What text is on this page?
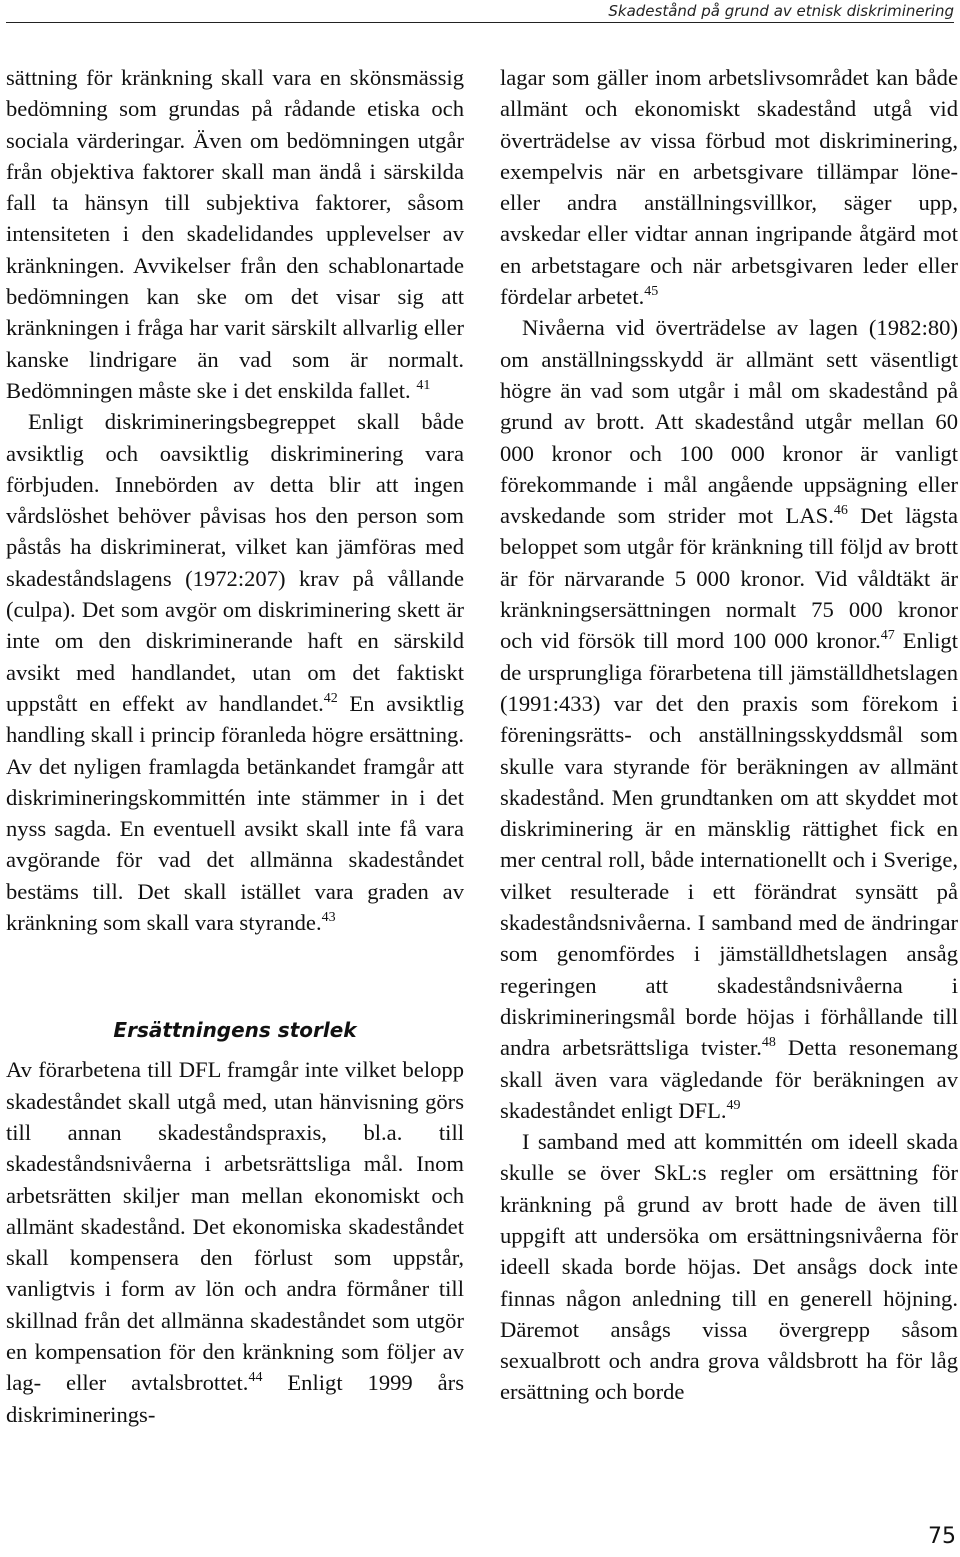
Skadestånd på grund av etnisk diskriminering

sättning för kränkning skall vara en skönsmässig bedömning som grundas på rådande etiska och sociala värderingar. Även om bedömningen utgår från objektiva faktorer skall man ändå i särskilda fall ta hänsyn till subjektiva faktorer, såsom intensiteten i den skadelidandes upplevelser av kränkningen. Avvikelser från den schablonartade bedömningen kan ske om det visar sig att kränkningen i fråga har varit särskilt allvarlig eller kanske lindrigare än vad som är normalt. Bedömningen måste ske i det enskilda fallet. $^{41}$

Enligt diskrimineringsbegreppet skall både avsiktlig och oavsiktlig diskriminering vara förbjuden. Innebörden av detta blir att ingen vårdslöshet behöver påvisas hos den person som påstås ha diskriminerat, vilket kan jämföras med skadeståndslagens (1972:207) krav på vållande (culpa). Det som avgör om diskriminering skett är inte om den diskriminerande haft en särskild avsikt med handlandet, utan om det faktiskt uppstått en effekt av handlandet.$^{42}$ En avsiktlig handling skall i princip föranleda högre ersättning. Av det nyligen framlagda betänkandet framgår att diskrimineringskommittén inte stämmer in i det nyss sagda. En eventuell avsikt skall inte få vara avgörande för vad det allmänna skadeståndet bestäms till. Det skall istället vara graden av kränkning som skall vara styrande.$^{43}$

Ersättningens storlek

Av förarbetena till DFL framgår inte vilket belopp skadeståndet skall utgå med, utan hänvisning görs till annan skadeståndspraxis, bl.a. till skadeståndsnivåerna i arbetsrättsliga mål. Inom arbetsrätten skiljer man mellan ekonomiskt och allmänt skadestånd. Det ekonomiska skadeståndet skall kompensera den förlust som uppstår, vanligtvis i form av lön och andra förmåner till skillnad från det allmänna skadeståndet som utgör en kompensation för den kränkning som följer av lag- eller avtalsbrottet.$^{44}$ Enligt 1999 års diskriminerings-

lagar som gäller inom arbetslivsområdet kan både allmänt och ekonomiskt skadestånd utgå vid överträdelse av vissa förbud mot diskriminering, exempelvis när en arbetsgivare tillämpar löne- eller andra anställningsvillkor, säger upp, avskedar eller vidtar annan ingripande åtgärd mot en arbetstagare och när arbetsgivaren leder eller fördelar arbetet.$^{45}$

Nivåerna vid överträdelse av lagen (1982:80) om anställningsskydd är allmänt sett väsentligt högre än vad som utgår i mål om skadestånd på grund av brott. Att skadestånd utgår mellan 60 000 kronor och 100 000 kronor är vanligt förekommande i mål angående uppsägning eller avskedande som strider mot LAS.$^{46}$ Det lägsta beloppet som utgår för kränkning till följd av brott är för närvarande 5 000 kronor. Vid våldtäkt är kränkningsersättningen normalt 75 000 kronor och vid försök till mord 100 000 kronor.$^{47}$ Enligt de ursprungliga förarbetena till jämställdhetslagen (1991:433) var det den praxis som förekom i föreningsrätts- och anställningsskyddsmål som skulle vara styrande för beräkningen av allmänt skadestånd. Men grundtanken om att skyddet mot diskriminering är en mänsklig rättighet fick en mer central roll, både internationellt och i Sverige, vilket resulterade i ett förändrat synsätt på skadeståndsnivåerna. I samband med de ändringar som genomfördes i jämställdhetslagen ansåg regeringen att skadeståndsnivåerna i diskrimineringsmål borde höjas i förhållande till andra arbetsrättsliga tvister.$^{48}$ Detta resonemang skall även vara vägledande för beräkningen av skadeståndet enligt DFL.$^{49}$

I samband med att kommittén om ideell skada skulle se över SkL:s regler om ersättning för kränkning på grund av brott hade de även till uppgift att undersöka om ersättningsnivåerna för ideell skada borde höjas. Det ansågs dock inte finnas någon anledning till en generell höjning. Däremot ansågs vissa övergrepp såsom sexualbrott och andra grova våldsbrott ha för låg ersättning och borde

75
